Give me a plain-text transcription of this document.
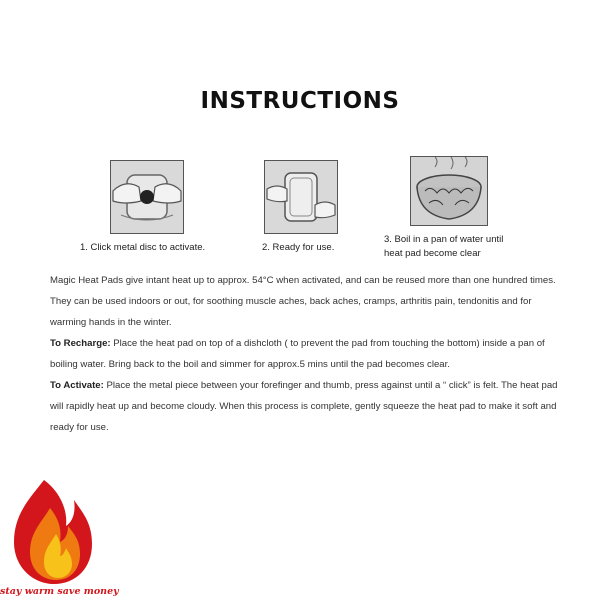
INSTRUCTIONS
1. Click metal disc to activate.	2. Ready for use.
3. Boil in a pan of water until
heat pad become clear

Magic Heat Pads give intant heat up to approx. 54°C when activated, and can be reused more than one hundred times. They can be used indoors or out, for soothing muscle aches, back aches, cramps, arthritis pain, tendonitis and for warming hands in the winter.

To Recharge: Place the heat pad on top of a dishcloth ( to prevent the pad from touching the bottom) inside a pan of boiling water. Bring back to the boil and simmer for approx.5 mins until the pad becomes clear.

To Activate: Place the metal piece between your forefinger and thumb, press against until a “ click” is felt. The heat pad will rapidly heat up and become cloudy. When this process is complete, gently squeeze the heat pad to make it soft and ready for use.

stay warm save money
